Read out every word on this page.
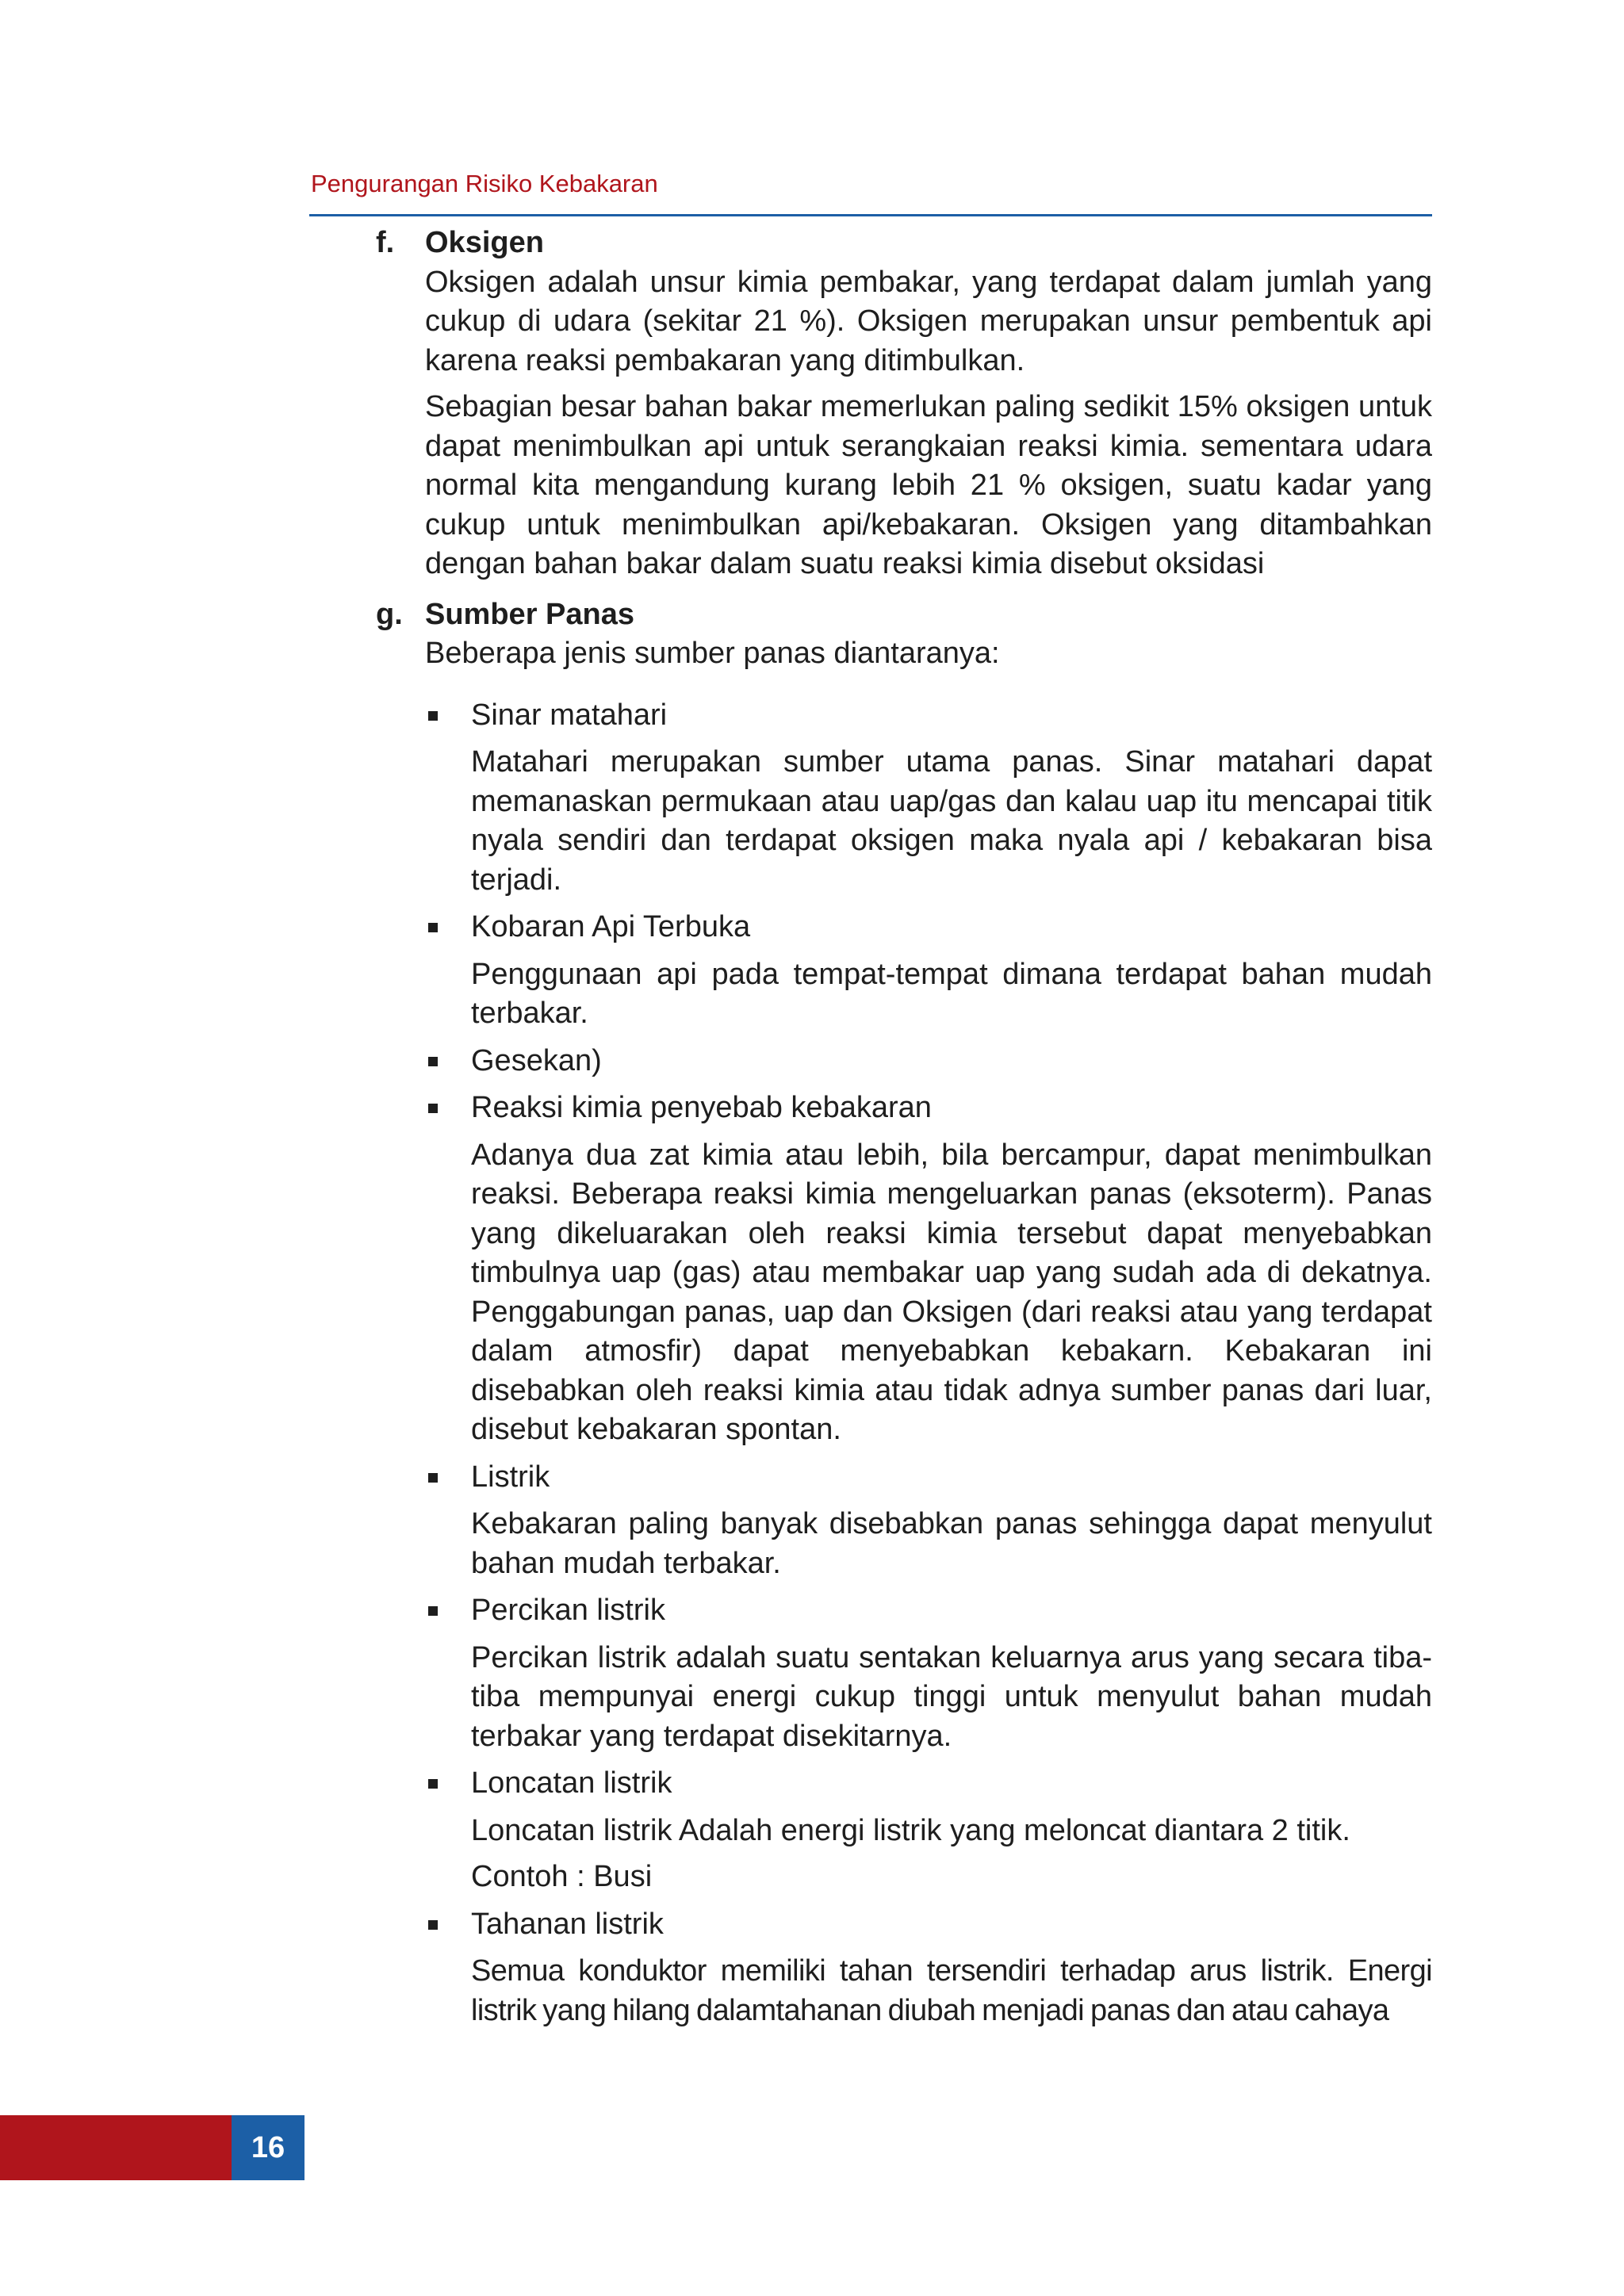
Pengurangan Risiko Kebakaran
f. Oksigen

Oksigen adalah unsur kimia pembakar, yang terdapat dalam jumlah yang cukup di udara (sekitar 21 %). Oksigen merupakan unsur pembentuk api karena reaksi pembakaran yang ditimbulkan.

Sebagian besar bahan bakar memerlukan paling sedikit 15% oksigen untuk dapat menimbulkan api untuk serangkaian reaksi kimia. sementara udara normal kita mengandung kurang lebih 21 % oksigen, suatu kadar yang cukup untuk menimbulkan api/kebakaran. Oksigen yang ditambahkan dengan bahan bakar dalam suatu reaksi kimia disebut oksidasi

g. Sumber Panas

Beberapa jenis sumber panas diantaranya:

Sinar matahari

Matahari merupakan sumber utama panas. Sinar matahari dapat memanaskan permukaan atau uap/gas dan kalau uap itu mencapai titik nyala sendiri dan terdapat oksigen maka nyala api / kebakaran bisa terjadi.

Kobaran Api Terbuka

Penggunaan api pada tempat-tempat dimana terdapat bahan mudah terbakar.

Gesekan)
Reaksi kimia penyebab kebakaran

Adanya dua zat kimia atau lebih, bila bercampur, dapat menimbulkan reaksi. Beberapa reaksi kimia mengeluarkan panas (eksoterm). Panas yang dikeluarakan oleh reaksi kimia tersebut dapat menyebabkan timbulnya uap (gas) atau membakar uap yang sudah ada di dekatnya. Penggabungan panas, uap dan Oksigen (dari reaksi atau yang terdapat dalam atmosfir) dapat menyebabkan kebakarn. Kebakaran ini disebabkan oleh reaksi kimia atau tidak adnya sumber panas dari luar, disebut kebakaran spontan.

Listrik

Kebakaran paling banyak disebabkan panas sehingga dapat menyulut bahan mudah terbakar.

Percikan listrik

Percikan listrik adalah suatu sentakan keluarnya arus yang secara tiba-tiba mempunyai energi cukup tinggi untuk menyulut bahan mudah terbakar yang terdapat disekitarnya.

Loncatan listrik

Loncatan listrik Adalah energi listrik yang meloncat diantara 2 titik.

Contoh : Busi

Tahanan listrik

Semua konduktor memiliki tahan tersendiri terhadap arus listrik. Energi listrik yang hilang dalamtahanan diubah menjadi panas dan atau cahaya

16
